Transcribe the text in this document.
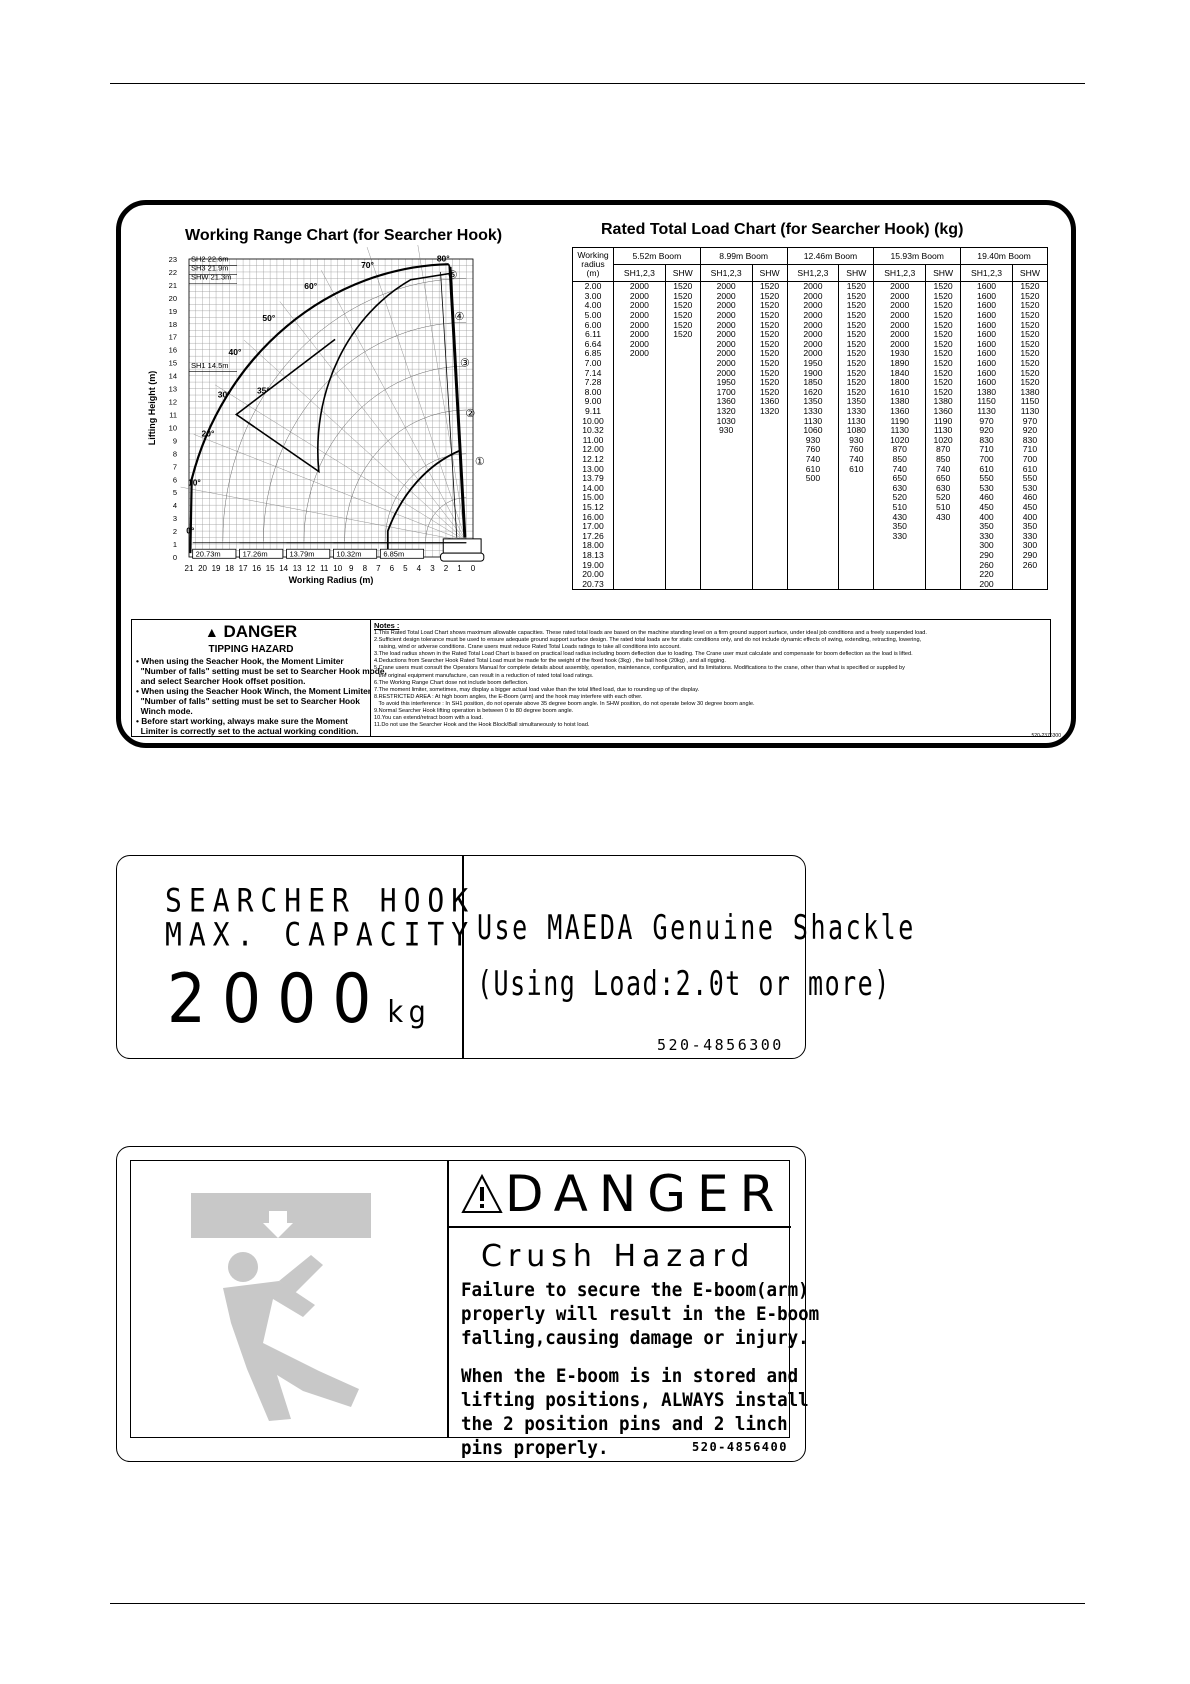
Working Range Chart (for Searcher Hook)
21 20 19 18 17 16 15 14 13 12 11 10 9 8 7 6 5 4 3 2 1 0
0
1
2
3
4
5
6
7
8
9
10
11
12
13
14
15
16
17
18
19
20
21
22
23
Working Radius (m)
Lifting Height (m)
20.73m	17.26m	13.79m	10.32m	6.85m
SH2 22.6m
SH3 21.9m
SHW 21.3m
SH1 14.5m
0°
10°
20°
30°	35°
40°
50°
60°
70°
80°
①
②
③
④
⑤
Rated Total Load Chart (for Searcher Hook) (kg)
Working radius (m)	5.52m Boom		8.99m Boom		12.46m Boom		15.93m Boom		19.40m Boom	
	SH1,2,3	SHW	SH1,2,3	SHW	SH1,2,3	SHW	SH1,2,3	SHW	SH1,2,3	SHW
2.00	2000	1520	2000	1520	2000	1520	2000	1520	1600	1520
3.00	2000	1520	2000	1520	2000	1520	2000	1520	1600	1520
4.00	2000	1520	2000	1520	2000	1520	2000	1520	1600	1520
5.00	2000	1520	2000	1520	2000	1520	2000	1520	1600	1520
6.00	2000	1520	2000	1520	2000	1520	2000	1520	1600	1520
6.11	2000	1520	2000	1520	2000	1520	2000	1520	1600	1520
6.64	2000		2000	1520	2000	1520	2000	1520	1600	1520
6.85	2000		2000	1520	2000	1520	1930	1520	1600	1520
7.00			2000	1520	1950	1520	1890	1520	1600	1520
7.14			2000	1520	1900	1520	1840	1520	1600	1520
7.28			1950	1520	1850	1520	1800	1520	1600	1520
8.00			1700	1520	1620	1520	1610	1520	1380	1380
9.00			1360	1360	1350	1350	1380	1380	1150	1150
9.11			1320	1320	1330	1330	1360	1360	1130	1130
10.00			1030		1130	1130	1190	1190	970	970
10.32			930		1060	1080	1130	1130	920	920
11.00					930	930	1020	1020	830	830
12.00					760	760	870	870	710	710
12.12					740	740	850	850	700	700
13.00					610	610	740	740	610	610
13.79					500		650	650	550	550
14.00							630	630	530	530
15.00							520	520	460	460
15.12							510	510	450	450
16.00							430	430	400	400
17.00							350		350	350
17.26							330		330	330
18.00									300	300
18.13									290	290
19.00									260	260
20.00									220	
20.73									200	
▲ DANGER
TIPPING HAZARD
• When using the Seacher Hook, the Moment Limiter
"Number of falls" setting must be set to Searcher Hook mode,
and select Searcher Hook offset position.
• When using the Seacher Hook Winch, the Moment Limiter
"Number of falls" setting must be set to Searcher Hook
Winch mode.
• Before start working, always make sure the Moment
Limiter is correctly set to the actual working condition.
Notes :
1.This Rated Total Load Chart shows maximum allowable capacities. These rated total loads are based on the machine standing level on a firm ground support surface, under ideal job conditions and a freely suspended load.
2.Sufficient design tolerance must be used to ensure adequate ground support surface design. The rated total loads are for static conditions only, and do not include dynamic effects of swing, extending, retracting, lowering,
raising, wind or adverse conditions. Crane users must reduce Rated Total Loads ratings to take all conditions into account.
3.The load radius shown in the Rated Total Load Chart is based on practical load radius including boom deflection due to loading. The Crane user must calculate and compensate for boom deflection as the load is lifted.
4.Deductions from Searcher Hook Rated Total Load must be made for the weight of the fixed hook (3kg) , the ball hook (20kg) , and all rigging.
5.Crane users must consult the Operators Manual for complete details about assembly, operation, maintenance, configuration, and its limitations. Modifications to the crane, other than what is specified or supplied by
the original equipment manufacture, can result in a reduction of rated total load ratings.
6.The Working Range Chart dose not include boom deflection.
7.The moment limiter, sometimes, may display a bigger actual load value than the total lifted load, due to rounding up of the display.
8.RESTRICTED AREA : At high boom angles, the E-Boom (arm) and the hook may interfere with each other.
To avoid this interference : In SH1 position, do not operate above 35 degree boom angle. In SHW position, do not operate below 30 degree boom angle.
9.Normal Searcher Hook lifting operation is between 0 to 80 degree boom angle.
10.You can extend/retract boom with a load.
11.Do not use the Searcher Hook and the Hook Block/Ball simultaneously to hoist load.
520-2376300
SEARCHER HOOK
MAX. CAPACITY
2000kg
Use MAEDA Genuine Shackle
(Using Load:2.0t or more)
520-4856300
DANGER
Crush Hazard
Failure to secure the E-boom(arm)
properly will result in the E-boom
falling,causing damage or injury.
When the E-boom is in stored and
lifting positions, ALWAYS install
the 2 position pins and 2 linch
pins properly.	520-4856400
